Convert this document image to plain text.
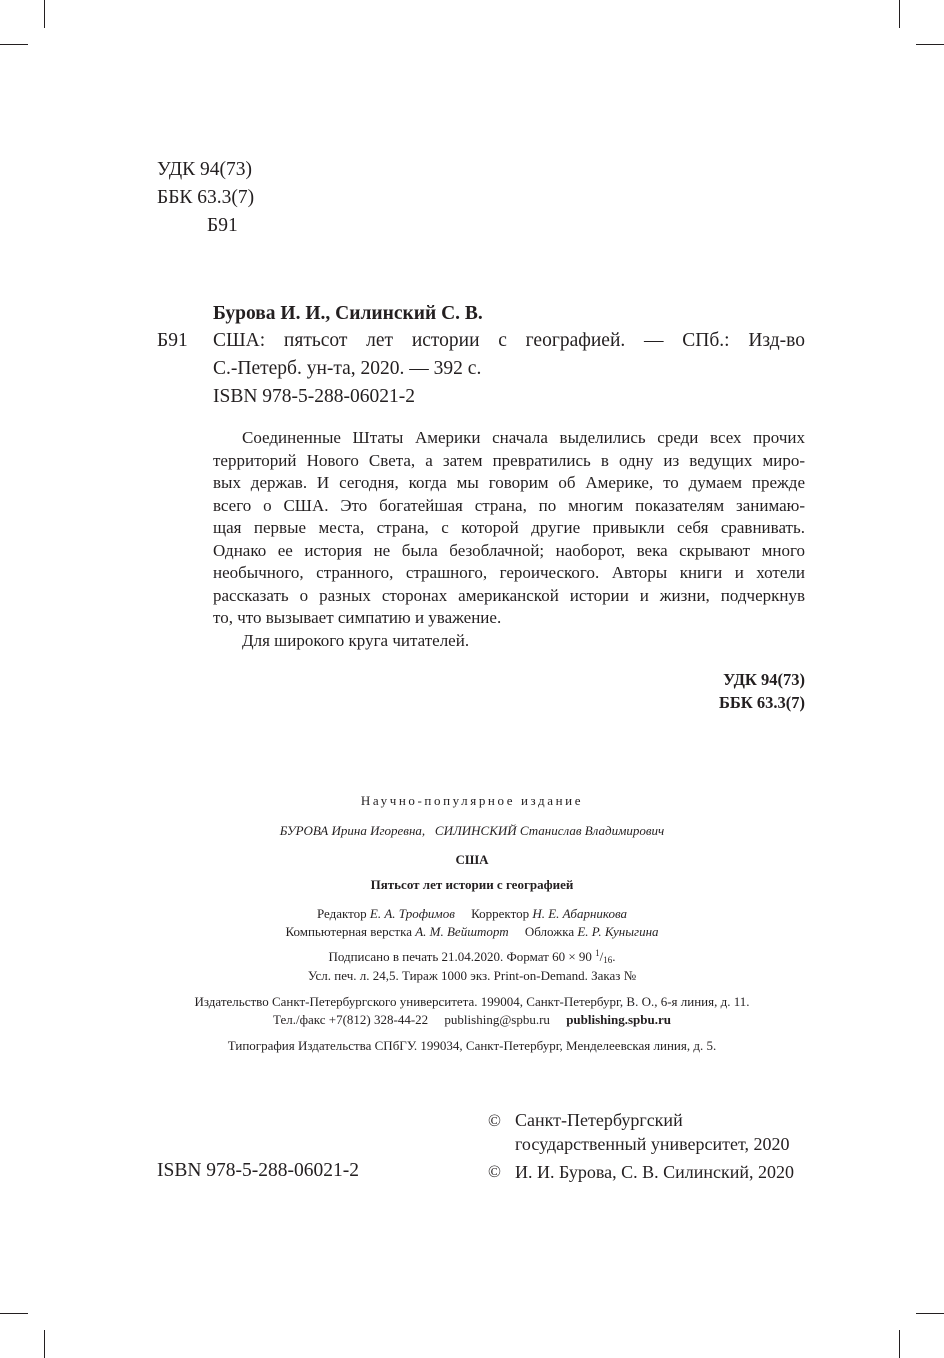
УДК 94(73)
ББК 63.3(7)
Б91
Бурова И. И., Силинский С. В.
Б91 США: пятьсот лет истории с географией. — СПб.: Изд-во
С.-Петерб. ун-та, 2020. — 392 с.
ISBN 978-5-288-06021-2
Соединенные Штаты Америки сначала выделились среди всех прочих
территорий Нового Света, а затем превратились в одну из ведущих миро-
вых держав. И сегодня, когда мы говорим об Америке, то думаем прежде
всего о США. Это богатейшая страна, по многим показателям занимаю-
щая первые места, страна, с которой другие привыкли себя сравнивать.
Однако ее история не была безоблачной; наоборот, века скрывают много
необычного, странного, страшного, героического. Авторы книги и хотели
рассказать о разных сторонах американской истории и жизни, подчеркнув
то, что вызывает симпатию и уважение.
Для широкого круга читателей.
УДК 94(73)
ББК 63.3(7)
Научно-популярное издание
БУРОВА Ирина Игоревна, СИЛИНСКИЙ Станислав Владимирович
США
Пятьсот лет истории с географией
Редактор Е. А. Трофимов Корректор Н. Е. Абарникова
Компьютерная верстка А. М. Вейшторт Обложка Е. Р. Куныгина
Подписано в печать 21.04.2020. Формат 60 × 90 $^1$/16.
Усл. печ. л. 24,5. Тираж 1000 экз. Print-on-Demand. Заказ №
Издательство Санкт-Петербургского университета. 199004, Санкт-Петербург, В. О., 6-я линия, д. 11.
Тел./факс +7(812) 328-44-22 publishing@spbu.ru publishing.spbu.ru
Типография Издательства СПбГУ. 199034, Санкт-Петербург, Менделеевская линия, д. 5.
ISBN 978-5-288-06021-2
© Санкт-Петербургский
государственный университет, 2020
© И. И. Бурова, С. В. Силинский, 2020
